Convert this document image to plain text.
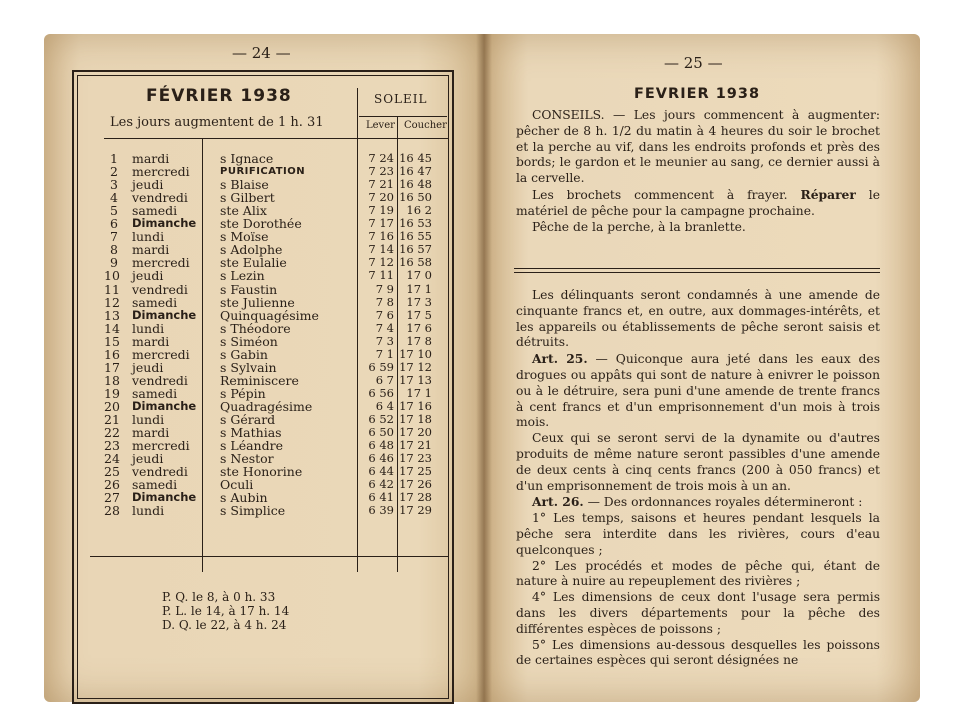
— 24 —
FÉVRIER 1938
Les jours augmentent de 1 h. 31
SOLEIL
Lever Coucher
1 mardi	s Ignace	7 24 16 45
2 mercredi	PURIFICATION	7 23 16 47
3 jeudi	s Blaise	7 21 16 48
4 vendredi	s Gilbert	7 20 16 50
5 samedi	ste Alix	7 19	16 2
6 Dimanche ste Dorothée	7 17 16 53
7 lundi	s Moïse	7 16 16 55
8 mardi	s Adolphe	7 14 16 57
9 mercredi ste Eulalie	7 12 16 58
10 jeudi	s Lezin	7 11	17 0
11 vendredi	s Faustin	7 9	17 1
12 samedi	ste Julienne	7 8	17 3
13 Dimanche Quinquagésime	7 6	17 5
14 lundi	s Théodore	7 4	17 6
15 mardi	s Siméon	7 3	17 8
16 mercredi s Gabin	7 1 17 10
17 jeudi	s Sylvain	6 59 17 12
18 vendredi	Reminiscere	6 7 17 13
19 samedi	s Pépin	6 56	17 1
20 Dimanche Quadragésime	6 4 17 16
21 lundi	s Gérard	6 52 17 18
22 mardi	s Mathias	6 50 17 20
23 mercredi s Léandre	6 48 17 21
24 jeudi	s Nestor	6 46 17 23
25 vendredi	ste Honorine	6 44 17 25
26 samedi	Oculi	6 42 17 26
27 Dimanche s Aubin	6 41 17 28
28 lundi	s Simplice	6 39 17 29
P. Q. le 8, à 0 h. 33
P. L. le 14, à 17 h. 14
D. Q. le 22, à 4 h. 24
— 25 —
FEVRIER 1938

CONSEILS. — Les jours commencent à augmenter: pêcher de 8 h. 1/2 du matin à 4 heures du soir le brochet et la perche au vif, dans les endroits profonds et près des bords; le gardon et le meunier au sang, ce dernier aussi à la cervelle.

Les brochets commencent à frayer. Réparer le matériel de pêche pour la campagne prochaine.

Pêche de la perche, à la branlette.

Les délinquants seront condamnés à une amende de cinquante francs et, en outre, aux dommages-intérêts, et les appareils ou établissements de pêche seront saisis et détruits.

Art. 25. — Quiconque aura jeté dans les eaux des drogues ou appâts qui sont de nature à enivrer le poisson ou à le détruire, sera puni d'une amende de trente francs à cent francs et d'un emprisonnement d'un mois à trois mois.

Ceux qui se seront servi de la dynamite ou d'autres produits de même nature seront passibles d'une amende de deux cents à cinq cents francs (200 à 050 francs) et d'un emprisonnement de trois mois à un an.

Art. 26. — Des ordonnances royales détermineront :

1° Les temps, saisons et heures pendant lesquels la pêche sera interdite dans les rivières, cours d'eau quelconques ;

2° Les procédés et modes de pêche qui, étant de nature à nuire au repeuplement des rivières ;

4° Les dimensions de ceux dont l'usage sera permis dans les divers départements pour la pêche des différentes espèces de poissons ;

5° Les dimensions au-dessous desquelles les poissons de certaines espèces qui seront désignées ne
